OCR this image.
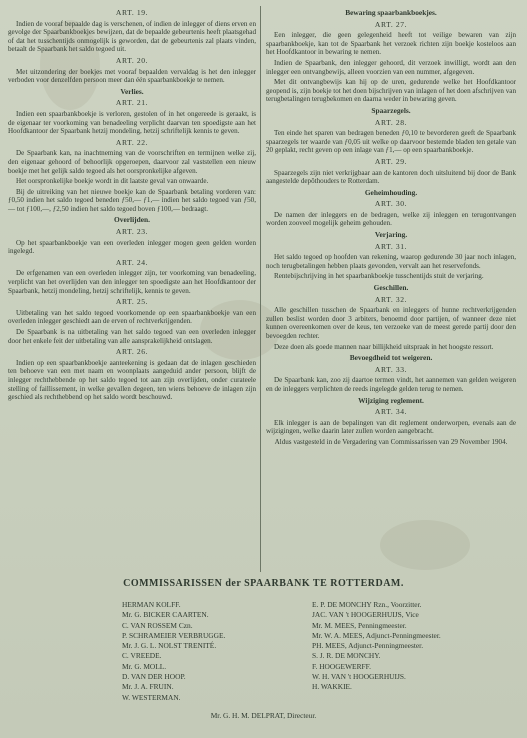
ART. 19.
Indien de vooraf bepaalde dag is verschenen, of indien de inlegger of diens erven en gevolge der Spaarbankboekjes bewijzen, dat de bepaalde gebeurtenis heeft plaatsgehad of dat het tusschentijds onmogelijk is geworden, dat de gebeurtenis zal plaats vinden, betaalt de Spaarbank het saldo tegoed uit.
ART. 20.
Met uitzondering der boekjes met vooraf bepaalden vervaldag is het den inlegger verboden voor denzelfden persoon meer dan één spaarbankboekje te nemen.
Verlies.
ART. 21.
Indien een spaarbankboekje is verloren, gestolen of in het ongereede is geraakt, is de eigenaar ter voorkoming van benadeeling verplicht daarvan ten spoedigste aan het Hoofdkantoor der Spaarbank hetzij mondeling, hetzij schriftelijk kennis te geven.
ART. 22.
De Spaarbank kan, na inachtneming van de voorschriften en termijnen welke zij, den eigenaar gehoord of behoorlijk opgeroepen, daarvoor zal vaststellen een nieuw boekje met het gelijk saldo tegoed als het oorspronkelijke afgeven.
Het oorspronkelijke boekje wordt in dit laatste geval van onwaarde.
Bij de uitreiking van het nieuwe boekje kan de Spaarbank betaling vorderen van: ƒ0,50 indien het saldo tegoed beneden ƒ50,— ƒ1,— indien het saldo tegoed van ƒ50,— tot ƒ100,—, ƒ2,50 indien het saldo tegoed boven ƒ100,— bedraagt.
Overlijden.
ART. 23.
Op het spaarbankboekje van een overleden inlegger mogen geen gelden worden ingelegd.
ART. 24.
De erfgenamen van een overleden inlegger zijn, ter voorkoming van benadeeling, verplicht van het overlijden van den inlegger ten spoedigste aan het Hoofdkantoor der Spaarbank, hetzij mondeling, hetzij schriftelijk, kennis te geven.
ART. 25.
Uitbetaling van het saldo tegoed voorkomende op een spaarbankboekje van een overleden inlegger geschiedt aan de erven of rechtverkrijgenden.
De Spaarbank is na uitbetaling van het saldo tegoed van een overleden inlegger door het enkele feit der uitbetaling van alle aansprakelijkheid ontslagen.
ART. 26.
Indien op een spaarbankboekje aanteekening is gedaan dat de inlagen geschieden ten behoeve van een met naam en woonplaats aangeduid ander persoon, blijft de inlegger rechthebbende op het saldo tegoed tot aan zijn overlijden, onder curateele stelling of faillissement, in welke gevallen degeen, ten wiens behoeve de inlagen zijn geschied als rechthebbend op het saldo wordt beschouwd.
Bewaring spaarbankboekjes.
ART. 27.
Een inlegger, die geen gelegenheid heeft tot veilige bewaren van zijn spaarbankboekje, kan tot de Spaarbank het verzoek richten zijn boekje kosteloos aan het Hoofdkantoor in bewaring te nemen.
Indien de Spaarbank, den inlegger gehoord, dit verzoek inwilligt, wordt aan den inlegger een ontvangbewijs, alleen voorzien van een nummer, afgegeven.
Met dit ontvangbewijs kan hij op de uren, gedurende welke het Hoofdkantoor geopend is, zijn boekje tot het doen bijschrijven van inlagen of het doen afschrijven van terugbetalingen terugbekomen en daarna weder in bewaring geven.
Spaarzegels.
ART. 28.
Ten einde het sparen van bedragen beneden ƒ0,10 te bevorderen geeft de Spaarbank spaarzegels ter waarde van ƒ0,05 uit welke op daarvoor bestemde bladen ten getale van 20 geplakt, recht geven op een inlage van ƒ1,— op een spaarbankboekje.
ART. 29.
Spaarzegels zijn niet verkrijgbaar aan de kantoren doch uitsluitend bij door de Bank aangestelde depôthouders te Rotterdam.
Geheimhouding.
ART. 30.
De namen der inleggers en de bedragen, welke zij inleggen en terugontvangen worden zooveel mogelijk geheim gehouden.
Verjaring.
ART. 31.
Het saldo tegoed op hoofden van rekening, waarop gedurende 30 jaar noch inlagen, noch terugbetalingen hebben plaats gevonden, vervalt aan het reservefonds.
Rentebijschrijving in het spaarbankboekje tusschentijds stuit de verjaring.
Geschillen.
ART. 32.
Alle geschillen tusschen de Spaarbank en inleggers of hunne rechtverkrijgenden zullen beslist worden door 3 arbiters, benoemd door partijen, of wanneer deze niet kunnen overeenkomen over de keus, ten verzoeke van de meest gerede partij door den bevoegden rechter.
Deze doen als goede mannen naar billijkheid uitspraak in het hoogste ressort.
Bevoegdheid tot weigeren.
ART. 33.
De Spaarbank kan, zoo zij daartoe termen vindt, het aannemen van gelden weigeren en de inleggers verplichten de reeds ingelegde gelden terug te nemen.
Wijziging reglement.
ART. 34.
Elk inlegger is aan de bepalingen van dit reglement onderworpen, evenals aan de wijzigingen, welke daarin later zullen worden aangebracht.
Aldus vastgesteld in de Vergadering van Commissarissen van 29 November 1904.
COMMISSARISSEN der SPAARBANK TE ROTTERDAM.
HERMAN KOLFF.
Mr. G. BICKER CAARTEN.
C. VAN ROSSEM Czn.
P. SCHRAMEIER VERBRUGGE.
Mr. J. G. L. NOLST TRENITÉ.
C. VREEDE.
Mr. G. MOLL.
D. VAN DER HOOP.
Mr. J. A. FRUIN.
W. WESTERMAN.
E. P. DE MONCHY Rzn., Voorzitter.
JAC. VAN 't HOOGERHUIJS, Vice
Mr. M. MEES, Penningmeester.
Mr. W. A. MEES, Adjunct-Penningmeester.
PH. MEES, Adjunct-Penningmeester.
S. J. R. DE MONCHY.
F. HOOGEWERFF.
W. H. VAN 't HOOGERHUIJS.
H. WAKKIE.
Mr. G. H. M. DELPRAT, Directeur.
